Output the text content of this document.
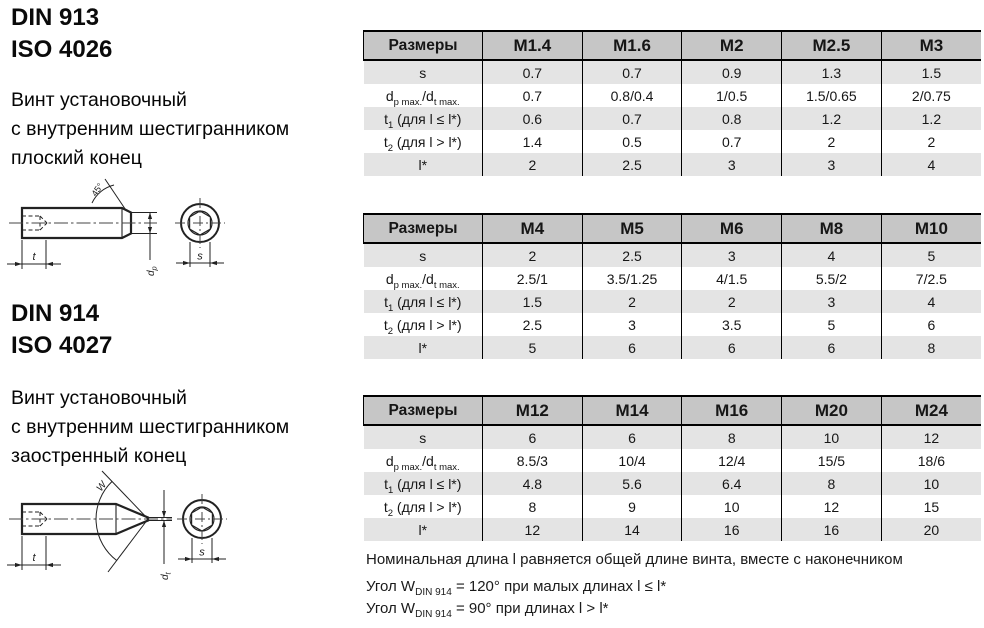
DIN 913
ISO 4026
Винт установочный
с внутренним шестигранником
плоский конец
45°
t
$d_p$
s
DIN 914
ISO 4027
Винт установочный
с внутренним шестигранником
заостренный конец
W
t
$d_t$
s
Размеры	M1.4	M1.6	M2	M2.5	M3
s	0.7	0.7	0.9	1.3	1.5
$d_{p max.}/d_{t max.}$	0.7	0.8/0.4	1/0.5	1.5/0.65	2/0.75
$t_1$ (для l ≤ l*)	0.6	0.7	0.8	1.2	1.2
$t_2$ (для l > l*)	1.4	0.5	0.7	2	2
l*	2	2.5	3	3	4
Размеры	M4	M5	M6	M8	M10
s	2	2.5	3	4	5
$d_{p max.}/d_{t max.}$	2.5/1	3.5/1.25	4/1.5	5.5/2	7/2.5
$t_1$ (для l ≤ l*)	1.5	2	2	3	4
$t_2$ (для l > l*)	2.5	3	3.5	5	6
l*	5	6	6	6	8
Размеры	M12	M14	M16	M20	M24
s	6	6	8	10	12
$d_{p max.}/d_{t max.}$	8.5/3	10/4	12/4	15/5	18/6
$t_1$ (для l ≤ l*)	4.8	5.6	6.4	8	10
$t_2$ (для l > l*)	8	9	10	12	15
l*	12	14	16	16	20
Номинальная длина l равняется общей длине винта, вместе с наконечником
Угол $W_{DIN 914} = 120^\circ$ при малых длинах l ≤ l*
Угол $W_{DIN 914} = 90^\circ$ при длинах l > l*
